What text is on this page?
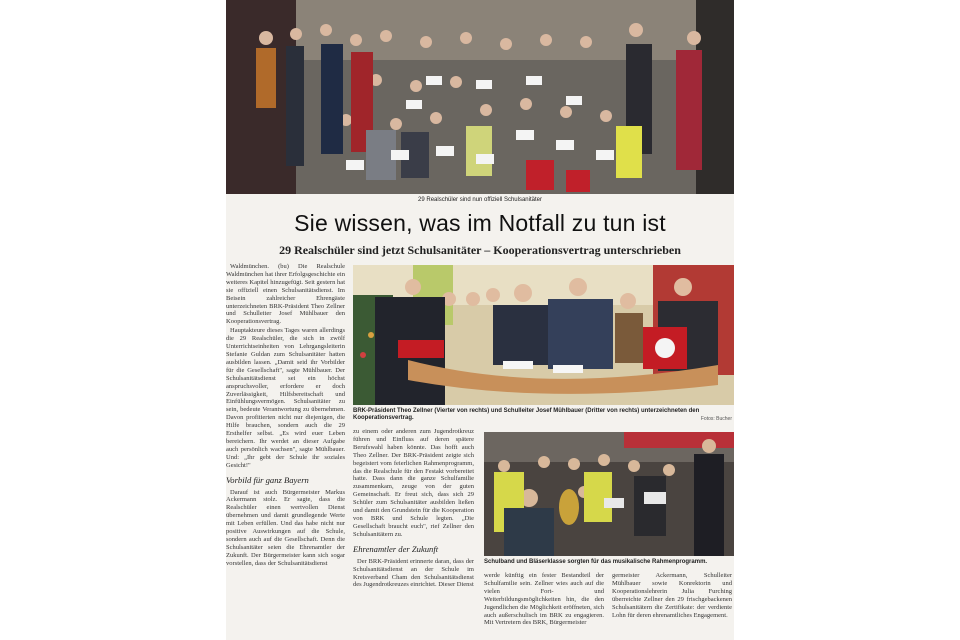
29 Realschüler sind nun offiziell Schulsanitäter
Sie wissen, was im Notfall zu tun ist
29 Realschüler sind jetzt Schulsanitäter – Kooperationsvertrag unterschrieben

Waldmünchen. (bu) Die Realschule Waldmünchen hat ihrer Erfolgsgeschichte ein weiteres Kapitel hinzugefügt. Seit gestern hat sie offiziell einen Schulsanitätsdienst. Im Beisein zahlreicher Ehrengäste unterzeichneten BRK-Präsident Theo Zellner und Schulleiter Josef Mühlbauer den Kooperationsvertrag.

Hauptakteure dieses Tages waren allerdings die 29 Realschüler, die sich in zwölf Unterrichtseinheiten von Lehrgangsleiterin Stefanie Guldan zum Schulsanitäter hatten ausbilden lassen. „Damit seid ihr Vorbilder für die Gesellschaft", sagte Mühlbauer. Der Schulsanitätsdienst sei ein höchst anspruchsvoller, erfordere er doch Zuverlässigkeit, Hilfsbereitschaft und Einfühlungsvermögen. Schulsanitäter zu sein, bedeute Verantwortung zu übernehmen. Davon profitierten nicht nur diejenigen, die Hilfe brauchen, sondern auch die 29 Ersthelfer selbst. „Es wird euer Leben bereichern. Ihr werdet an dieser Aufgabe auch persönlich wachsen", sagte Mühlbauer. Und: „Ihr gebt der Schule ihr soziales Gesicht!"

Vorbild für ganz Bayern

Darauf ist auch Bürgermeister Markus Ackermann stolz. Er sagte, dass die Realschüler einen wertvollen Dienst übernehmen und damit grundlegende Werte mit Leben erfüllen. Und das habe nicht nur positive Auswirkungen auf die Schule, sondern auch auf die Gesellschaft. Denn die Schulsanitäter seien die Ehrenamtler der Zukunft. Der Bürgermeister kann sich sogar vorstellen, dass der Schulsanitätsdienst

BRK-Präsident Theo Zellner (Vierter von rechts) und Schulleiter Josef Mühlbauer (Dritter von rechts) unterzeichneten den Kooperationsvertrag.	Fotos: Bucher

zu einem oder anderen zum Jugendrotkreuz führen und Einfluss auf deren spätere Berufswahl haben könnte. Das hofft auch Theo Zellner. Der BRK-Präsident zeigte sich begeistert vom feierlichen Rahmenprogramm, das die Realschule für den Festakt vorbereitet hatte. Dass dann die ganze Schulfamilie zusammenkam, zeuge von der guten Gemeinschaft. Er freut sich, dass sich 29 Schüler zum Schulsanitäter ausbilden ließen und damit den Grundstein für die Kooperation von BRK und Schule legten. „Die Gesellschaft braucht euch", rief Zellner den Schulsanitätern zu.

Ehrenamtler der Zukunft

Der BRK-Präsident erinnerte daran, dass der Schulsanitätsdienst an der Schule im Kreisverband Cham den Schulsanitätsdienst des Jugendrotkreuzes einrichtet. Dieser Dienst

Schulband und Bläserklasse sorgten für das musikalische Rahmenprogramm.

werde künftig ein fester Bestandteil der Schulfamilie sein. Zellner wies auch auf die vielen Fort- und Weiterbildungsmöglichkeiten hin, die den Jugendlichen die Möglichkeit eröffneten, sich auch außerschulisch im BRK zu engagieren. Mit Vertretern des BRK, Bürgermeister

germeister Ackermann, Schulleiter Mühlbauer sowie Konrektorin und Kooperationslehrerin Julia Furching überreichte Zellner den 29 frischgebackenen Schulsanitätern die Zertifikate: der verdiente Lohn für deren ehrenamtliches Engagement.
